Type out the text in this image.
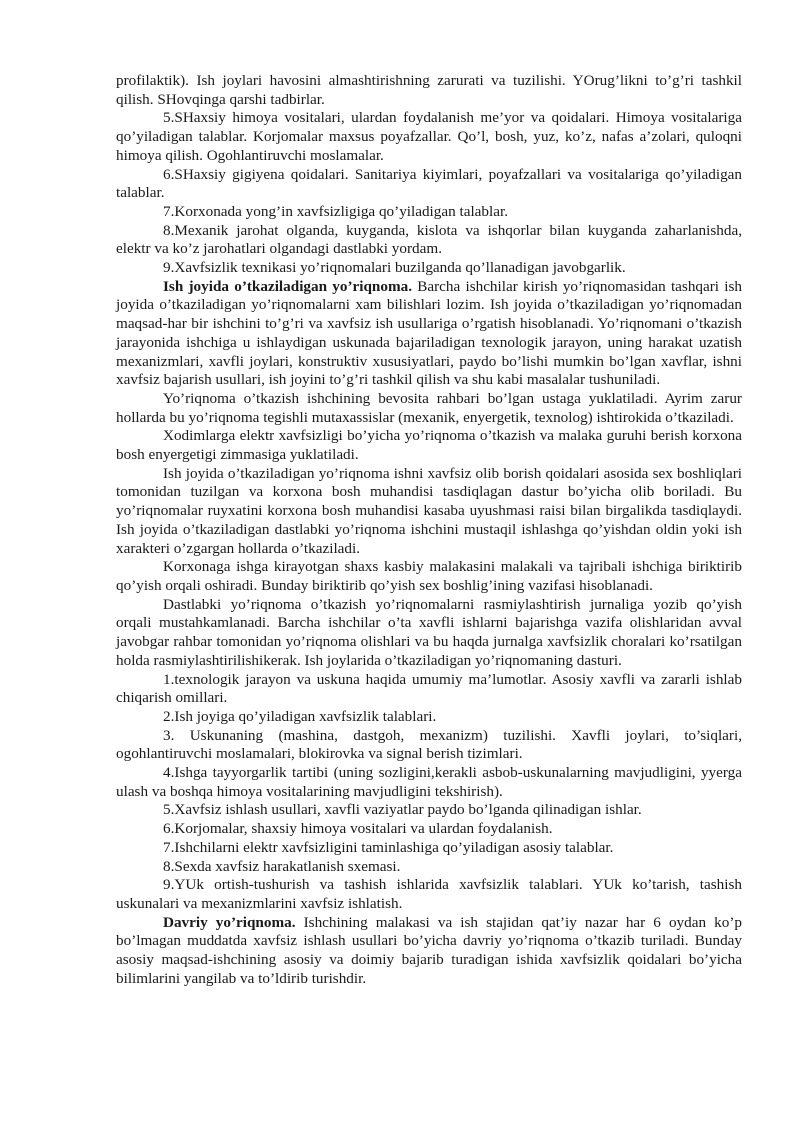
profilaktik). Ish joylari havosini almashtirishning zarurati va tuzilishi. YOrug’likni to’g’ri tashkil qilish. SHovqinga qarshi tadbirlar.

5.SHaxsiy himoya vositalari, ulardan foydalanish me’yor va qoidalari. Himoya vositalariga qo’yiladigan talablar. Korjomalar maxsus poyafzallar. Qo’l, bosh, yuz, ko’z, nafas a’zolari, quloqni himoya qilish. Ogohlantiruvchi moslamalar.

6.SHaxsiy gigiyena qoidalari. Sanitariya kiyimlari, poyafzallari va vositalariga qo’yiladigan talablar.

7.Korxonada yong’in xavfsizligiga qo’yiladigan talablar.

8.Mexanik jarohat olganda, kuyganda, kislota va ishqorlar bilan kuyganda zaharlanishda, elektr va ko’z jarohatlari olgandagi dastlabki yordam.

9.Xavfsizlik texnikasi yo’riqnomalari buzilganda qo’llanadigan javobgarlik.

Ish joyida o’tkaziladigan yo’riqnoma. Barcha ishchilar kirish yo’riqnomasidan tashqari ish joyida o’tkaziladigan yo’riqnomalarni xam bilishlari lozim. Ish joyida o’tkaziladigan yo’riqnomadan maqsad-har bir ishchini to’g’ri va xavfsiz ish usullariga o’rgatish hisoblanadi. Yo’riqnomani o’tkazish jarayonida ishchiga u ishlaydigan uskunada bajariladigan texnologik jarayon, uning harakat uzatish mexanizmlari, xavfli joylari, konstruktiv xususiyatlari, paydo bo’lishi mumkin bo’lgan xavflar, ishni xavfsiz bajarish usullari, ish joyini to’g’ri tashkil qilish va shu kabi masalalar tushuniladi.

Yo’riqnoma o’tkazish ishchining bevosita rahbari bo’lgan ustaga yuklatiladi. Ayrim zarur hollarda bu yo’riqnoma tegishli mutaxassislar (mexanik, enyergetik, texnolog) ishtirokida o’tkaziladi.

Xodimlarga elektr xavfsizligi bo’yicha yo’riqnoma o’tkazish va malaka guruhi berish korxona bosh enyergetigi zimmasiga yuklatiladi.

Ish joyida o’tkaziladigan yo’riqnoma ishni xavfsiz olib borish qoidalari asosida sex boshliqlari tomonidan tuzilgan va korxona bosh muhandisi tasdiqlagan dastur bo’yicha olib boriladi. Bu yo’riqnomalar ruyxatini korxona bosh muhandisi kasaba uyushmasi raisi bilan birgalikda tasdiqlaydi. Ish joyida o’tkaziladigan dastlabki yo’riqnoma ishchini mustaqil ishlashga qo’yishdan oldin yoki ish xarakteri o’zgargan hollarda o’tkaziladi.

Korxonaga ishga kirayotgan shaxs kasbiy malakasini malakali va tajribali ishchiga biriktirib qo’yish orqali oshiradi. Bunday biriktirib qo’yish sex boshlig’ining vazifasi hisoblanadi.

Dastlabki yo’riqnoma o’tkazish yo’riqnomalarni rasmiylashtirish jurnaliga yozib qo’yish orqali mustahkamlanadi. Barcha ishchilar o’ta xavfli ishlarni bajarishga vazifa olishlaridan avval javobgar rahbar tomonidan yo’riqnoma olishlari va bu haqda jurnalga xavfsizlik choralari ko’rsatilgan holda rasmiylashtirilishikerak. Ish joylarida o’tkaziladigan yo’riqnomaning dasturi.

1.texnologik jarayon va uskuna haqida umumiy ma’lumotlar. Asosiy xavfli va zararli ishlab chiqarish omillari.

2.Ish joyiga qo’yiladigan xavfsizlik talablari.

3. Uskunaning (mashina, dastgoh, mexanizm) tuzilishi. Xavfli joylari, to’siqlari, ogohlantiruvchi moslamalari, blokirovka va signal berish tizimlari.

4.Ishga tayyorgarlik tartibi (uning sozligini,kerakli asbob-uskunalarning mavjudligini, yyerga ulash va boshqa himoya vositalarining mavjudligini tekshirish).

5.Xavfsiz ishlash usullari, xavfli vaziyatlar paydo bo’lganda qilinadigan ishlar.

6.Korjomalar, shaxsiy himoya vositalari va ulardan foydalanish.

7.Ishchilarni elektr xavfsizligini taminlashiga qo’yiladigan asosiy talablar.

8.Sexda xavfsiz harakatlanish sxemasi.

9.YUk ortish-tushurish va tashish ishlarida xavfsizlik talablari. YUk ko’tarish, tashish uskunalari va mexanizmlarini xavfsiz ishlatish.

Davriy yo’riqnoma. Ishchining malakasi va ish stajidan qat’iy nazar har 6 oydan ko’p bo’lmagan muddatda xavfsiz ishlash usullari bo’yicha davriy yo’riqnoma o’tkazib turiladi. Bunday asosiy maqsad-ishchining asosiy va doimiy bajarib turadigan ishida xavfsizlik qoidalari bo’yicha bilimlarini yangilab va to’ldirib turishdir.
